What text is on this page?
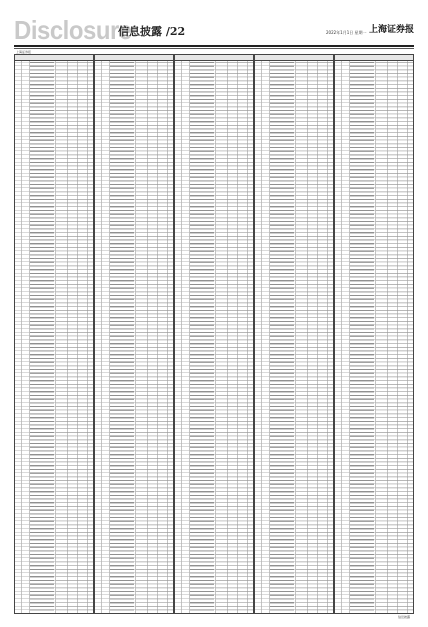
Disclosure
信息披露 /22	2022年1月1日 星期一 上海证券报
上海证券报
信息披露
